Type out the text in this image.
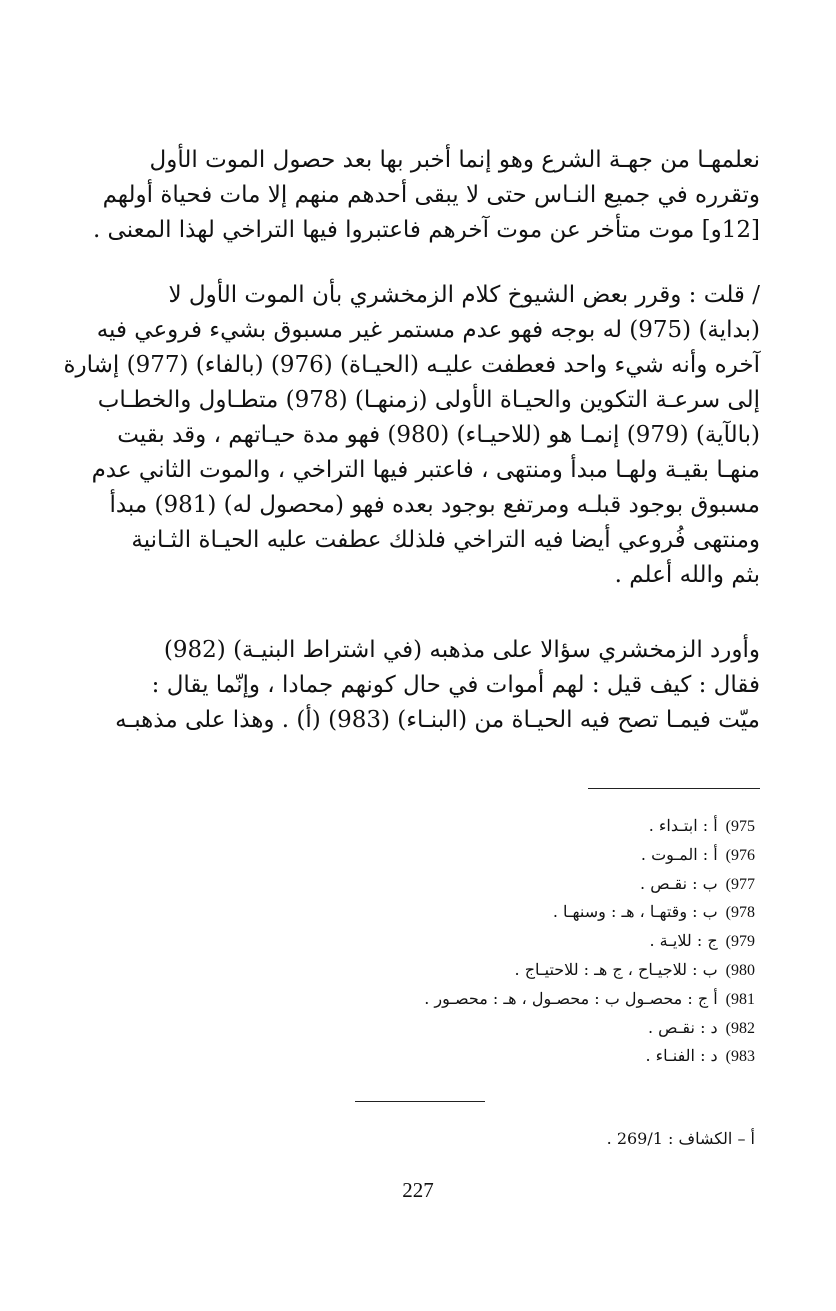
نعلمهـا من جهـة الشرع وهو إنما أخبر بها بعد حصول الموت الأول
وتقرره في جميع النـاس حتى لا يبقى أحدهم منهم إلا مات فحياة أولهم
[12و] موت متأخر عن موت آخرهم فاعتبروا فيها التراخي لهذا المعنى .
/ قلت : وقرر بعض الشيوخ كلام الزمخشري بأن الموت الأول لا
(بداية) (975) له بوجه فهو عدم مستمر غير مسبوق بشيء فروعي فيه
آخره وأنه شيء واحد فعطفت عليـه (الحيـاة) (976) (بالفاء) (977) إشارة
إلى سرعـة التكوين والحيـاة الأولى (زمنهـا) (978) متطـاول والخطـاب
(بالآية) (979) إنمـا هو (للاحيـاء) (980) فهو مدة حيـاتهم ، وقد بقيت
منهـا بقيـة ولهـا مبدأ ومنتهى ، فاعتبر فيها التراخي ، والموت الثاني عدم
مسبوق بوجود قبلـه ومرتفع بوجود بعده فهو (محصول له) (981) مبدأ
ومنتهى فُروعي أيضا فيه التراخي فلذلك عطفت عليه الحيـاة الثـانية
بثم والله أعلم .
وأورد الزمخشري سؤالا على مذهبه (في اشتراط البنيـة) (982)
فقال : كيف قيل : لهم أموات في حال كونهم جمادا ، وإنّما يقال :
ميّت فيمـا تصح فيه الحيـاة من (البنـاء) (983) (أ) . وهذا على مذهبـه
(975أ : ابتـداء .
(976أ : المـوت .
(977ب : نقـص .
(978ب : وقتهـا ، هـ : وسنهـا .
(979ج : للايـة .
(980ب : للاجيـاح ، ج هـ : للاحتيـاج .
(981أ ج : محصـول ب : محصـول ، هـ : محصـور .
(982د : نقـص .
(983د : الفنـاء .
أ – الكشاف : 269/1 .
227
